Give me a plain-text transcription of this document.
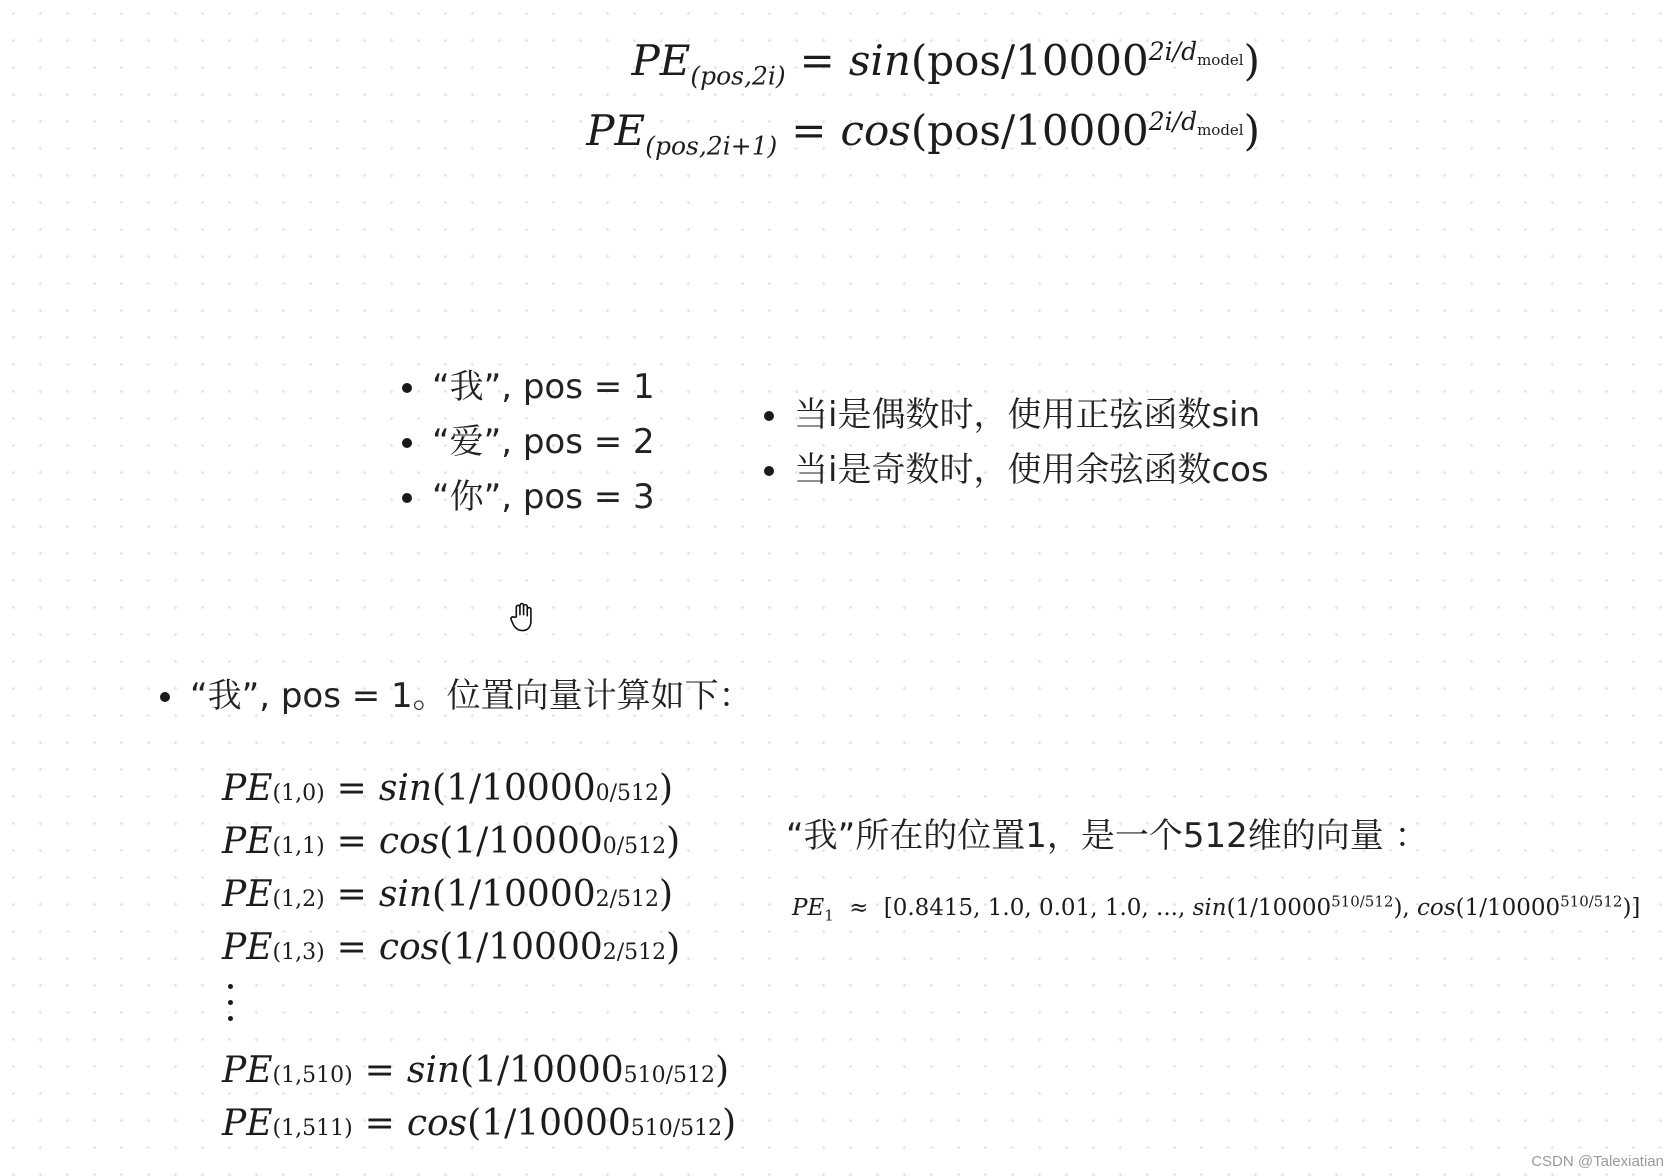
$PE_{(pos,2i)} = \sin(pos/10000^{2i/d_{model}})$
$PE_{(pos,2i+1)} = \cos(pos/10000^{2i/d_{model}})$
“我”, pos = 1
“爱”, pos = 2
“你”, pos = 3
当i是偶数时，使用正弦函数sin
当i是奇数时，使用余弦函数cos
“我”, pos = 1。位置向量计算如下：
PE (1,0) = sin (1/10000 0/512 )
PE (1,1) = cos (1/10000 0/512 )
PE (1,2) = sin (1/10000 2/512 )
PE (1,3) = cos (1/10000 2/512 )
PE (1,510) = sin (1/10000 510/512 )
PE (1,511) = cos (1/10000 510/512 )
“我”所在的位置1，是一个512维的向量 ：
$PE_1 \approx [0.8415$, 1.0, 0.01, 1.0, ..., $\sin(1/10000^{510/512})$, $\cos(1/10000^{510/512})$]
CSDN @Talexiatian
